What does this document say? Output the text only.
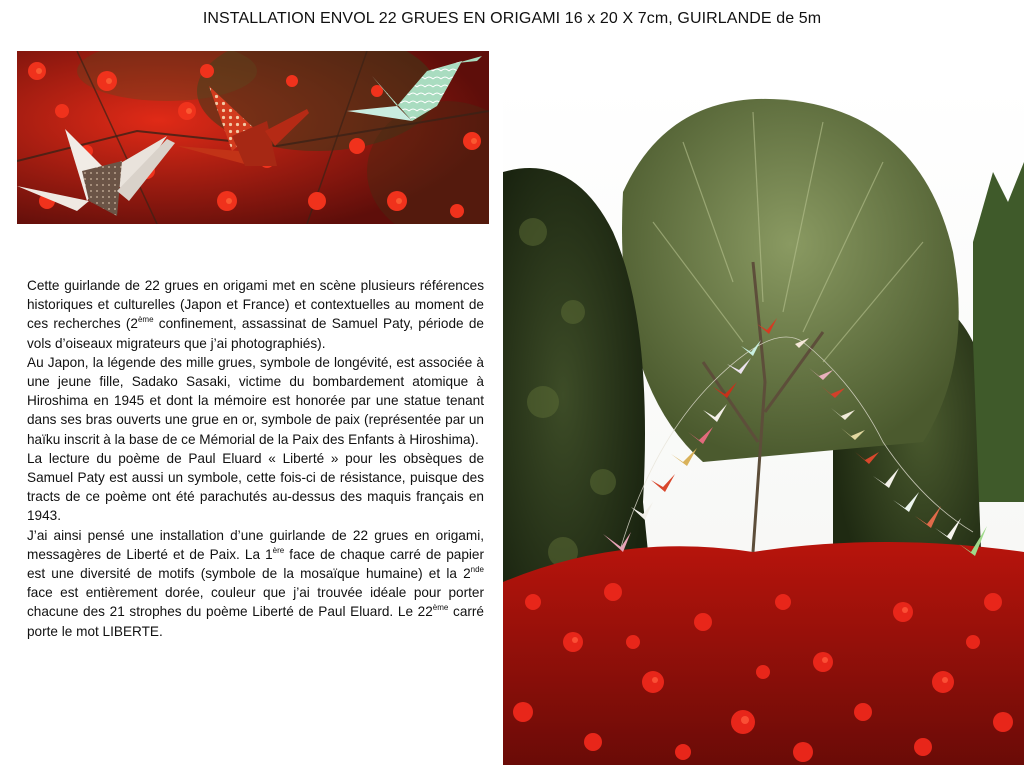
INSTALLATION ENVOL 22 GRUES EN ORIGAMI 16 x 20 X 7cm, GUIRLANDE de 5m

Cette guirlande de 22 grues en origami met en scène plusieurs références historiques et culturelles (Japon et France) et contextuelles au moment de ces recherches (2ème confinement, assassinat de Samuel Paty, période de vols d’oiseaux migrateurs que j’ai photographiés).

Au Japon, la légende des mille grues, symbole de longévité, est associée à une jeune fille, Sadako Sasaki, victime du bombardement atomique à Hiroshima en 1945 et dont la mémoire est honorée par une statue tenant dans ses bras ouverts une grue en or, symbole de paix (représentée par un haïku inscrit à la base de ce Mémorial de la Paix des Enfants à Hiroshima).

La lecture du poème de Paul Eluard « Liberté » pour les obsèques de Samuel Paty est aussi un symbole, cette fois-ci de résistance, puisque des tracts de ce poème ont été parachutés au-dessus des maquis français en 1943.

J’ai ainsi pensé une installation d’une guirlande de 22 grues en origami, messagères de Liberté et de Paix. La 1ère face de chaque carré de papier est une diversité de motifs (symbole de la mosaïque humaine) et la 2nde face est entièrement dorée, couleur que j’ai trouvée idéale pour porter chacune des 21 strophes du poème Liberté de Paul Eluard. Le 22ème carré porte le mot LIBERTE.
